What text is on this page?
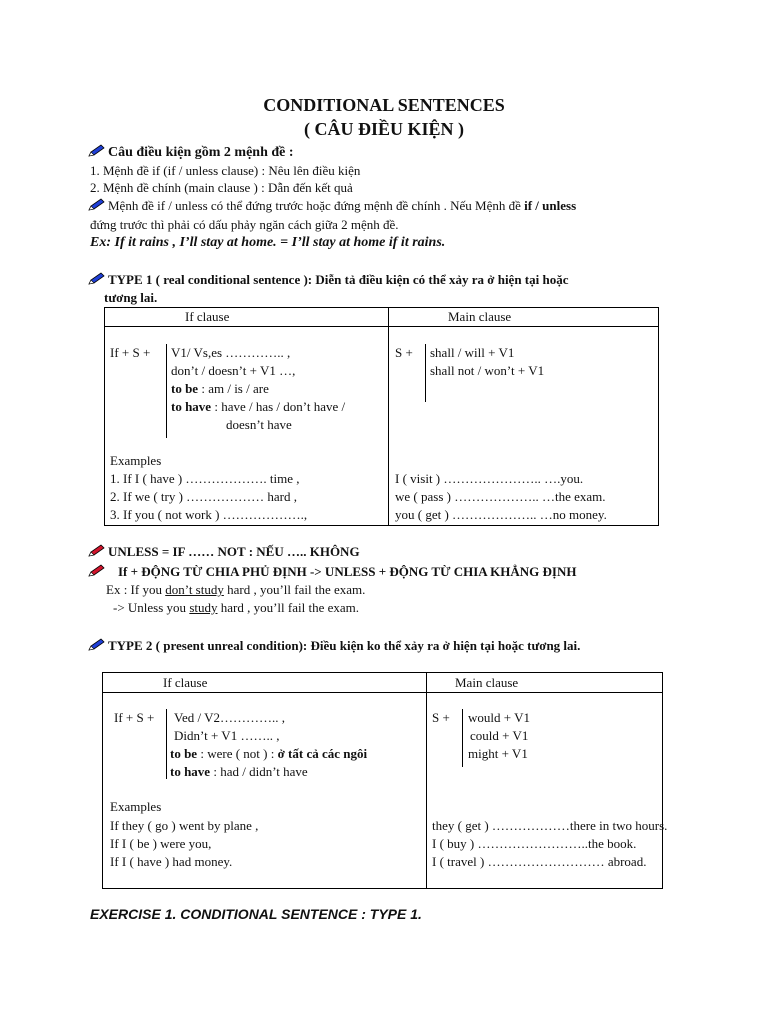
CONDITIONAL SENTENCES
( CÂU ĐIỀU KIỆN )
Câu điều kiện gồm 2 mệnh đề :
1. Mệnh đề if (if / unless clause) : Nêu lên điều kiện
2. Mệnh đề chính (main clause ) : Dẫn đến kết quả
Mệnh đề if / unless có thể đứng trước hoặc đứng mệnh đề chính . Nếu Mệnh đề if / unless
đứng trước thì phải có dấu phảy ngăn cách giữa 2 mệnh đề.
Ex: If it rains , I’ll stay at home. = I’ll stay at home if it rains.
TYPE 1 ( real conditional sentence ): Diễn tả điều kiện có thể xảy ra ở hiện tại hoặc
tương lai.
If clause	Main clause
If + S + V1/ Vs,es ………….. ,
don’t / doesn’t + V1 …,
to be : am / is / are
to have : have / has / don’t have /
doesn’t have
S + shall / will + V1
shall not / won’t + V1
Examples
1. If I ( have ) ………………. time ,
2. If we ( try ) ……………… hard ,
3. If you ( not work ) ……………….,
I ( visit ) ………………….. ….you.
we ( pass ) ……………….. …the exam.
you ( get ) ……………….. …no money.
UNLESS = IF …… NOT : NẾU ….. KHÔNG
If + ĐỘNG TỪ CHIA PHỦ ĐỊNH -> UNLESS + ĐỘNG TỪ CHIA KHẲNG ĐỊNH
Ex : If you don’t study hard , you’ll fail the exam.
-> Unless you study hard , you’ll fail the exam.
TYPE 2 ( present unreal condition): Điều kiện ko thể xảy ra ở hiện tại hoặc tương lai.
If clause	Main clause
If + S + Ved / V2………….. ,
Didn’t + V1 …….. ,
to be : were ( not ) : ở tất cả các ngôi
to have : had / didn’t have
S + would + V1
could + V1
might + V1
Examples
If they ( go ) went by plane ,
If I ( be ) were you,
If I ( have ) had money.
they ( get ) ………………there in two hours.
I ( buy ) ……………………..the book.
I ( travel ) ……………………… abroad.
EXERCISE 1. CONDITIONAL SENTENCE : TYPE 1.
